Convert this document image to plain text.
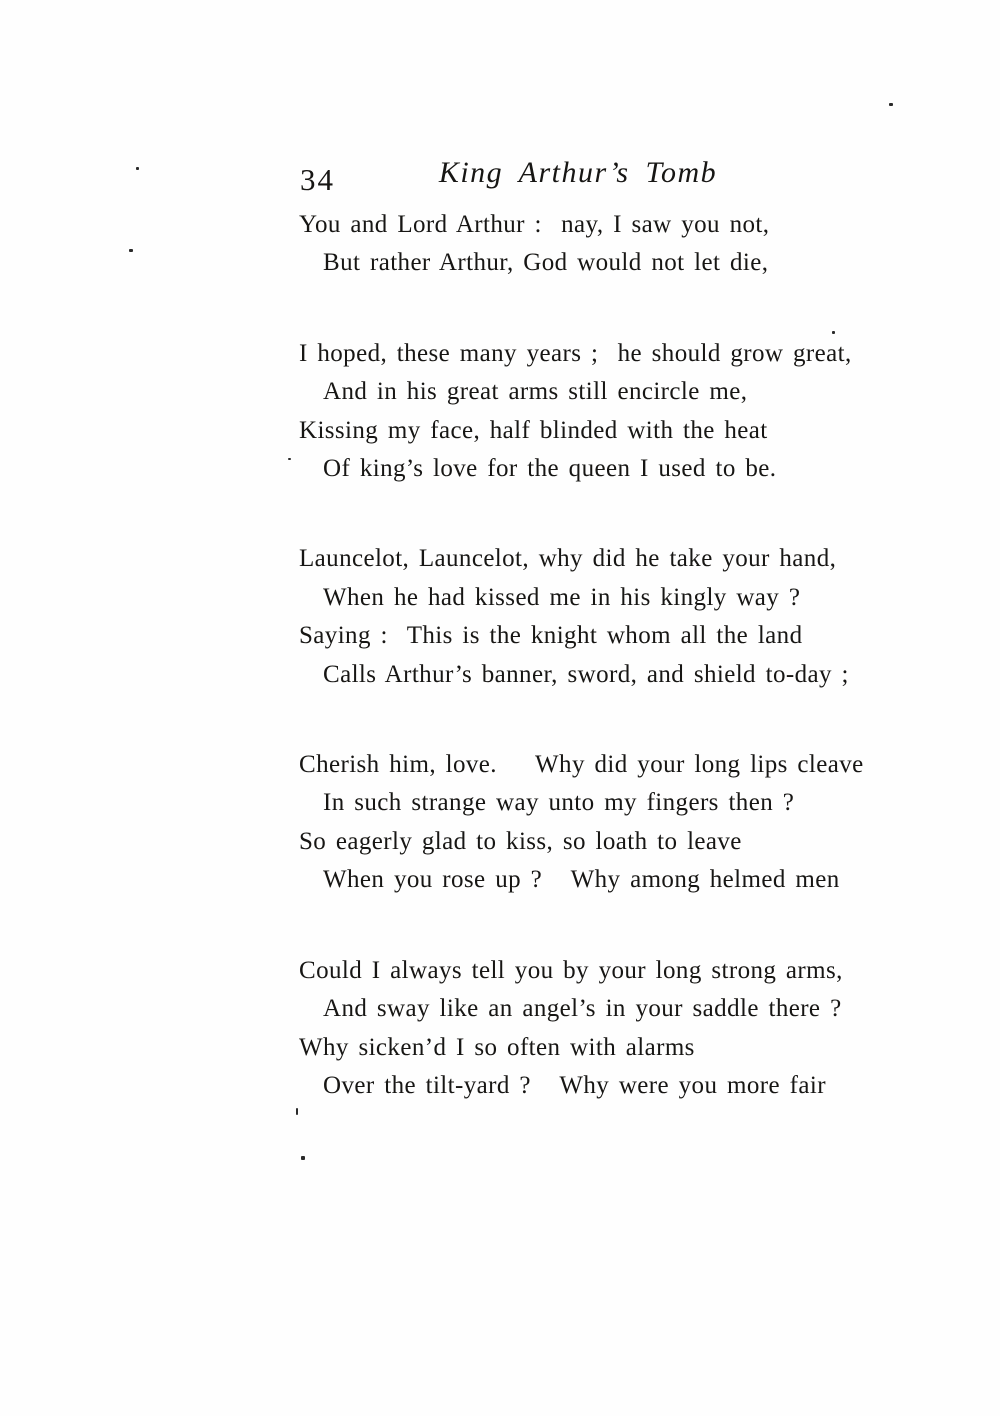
34	King Arthur’s Tomb
You and Lord Arthur :  nay, I saw you not,
But rather Arthur, God would not let die,
I hoped, these many years ;  he should grow great,
And in his great arms still encircle me,
Kissing my face, half blinded with the heat
Of king’s love for the queen I used to be.
Launcelot, Launcelot, why did he take your hand,
When he had kissed me in his kingly way ?
Saying :  This is the knight whom all the land
Calls Arthur’s banner, sword, and shield to-day ;
Cherish him, love.    Why did your long lips cleave
In such strange way unto my fingers then ?
So eagerly glad to kiss, so loath to leave
When you rose up ?   Why among helmed men
Could I always tell you by your long strong arms,
And sway like an angel’s in your saddle there ?
Why sicken’d I so often with alarms
Over the tilt-yard ?   Why were you more fair
